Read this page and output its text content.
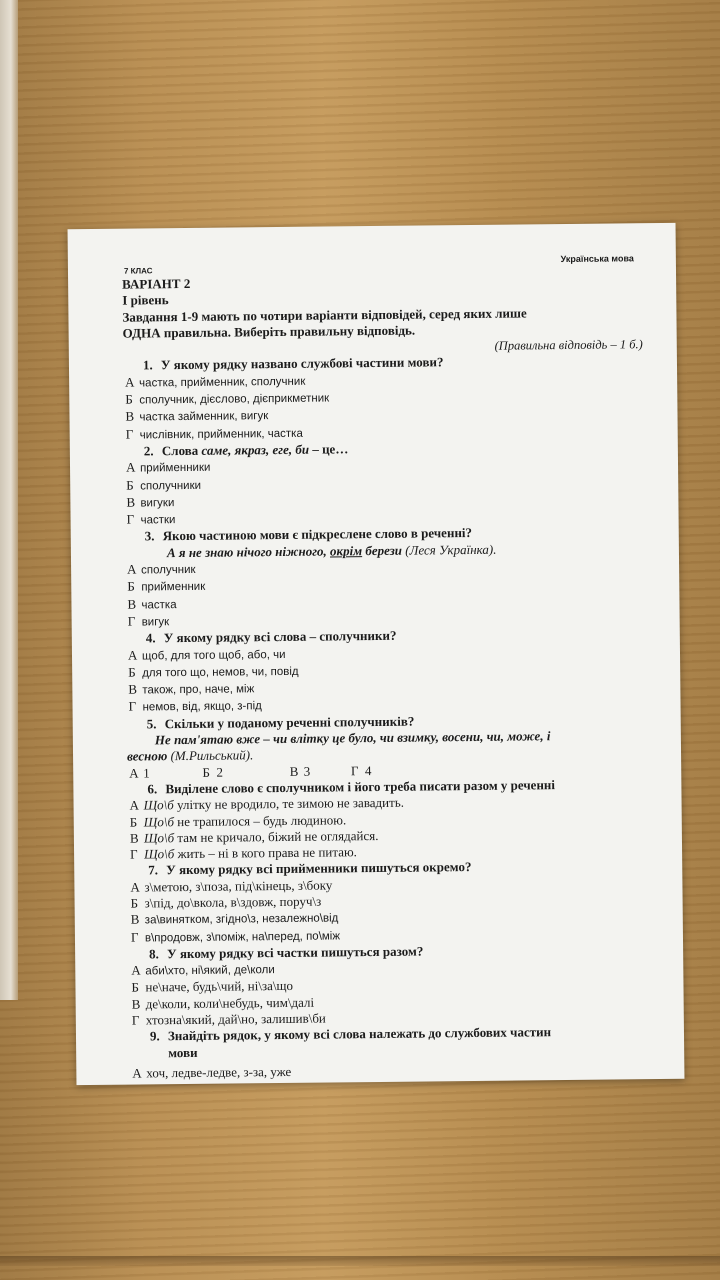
7 КЛАС
Українська мова
ВАРІАНТ 2
І рівень
Завдання 1-9 мають по чотири варіанти відповідей, серед яких лише
ОДНА правильна. Виберіть правильну відповідь.
(Правильна відповідь – 1 б.)
1. У якому рядку названо службові частини мови?
А частка, прийменник, сполучник
Б сполучник, дієслово, дієприкметник
В частка займенник, вигук
Г числівник, прийменник, частка
2. Слова саме, якраз, еге, би – це…
А прийменники
Б сполучники
В вигуки
Г частки
3. Якою частиною мови є підкреслене слово в реченні?
А я не знаю нічого ніжного, окрім берези (Леся Українка).
А сполучник
Б прийменник
В частка
Г вигук
4. У якому рядку всі слова – сполучники?
А щоб, для того щоб, або, чи
Б для того що, немов, чи, повід
В також, про, наче, між
Г немов, від, якщо, з-під
5. Скільки у поданому реченні сполучників?
Не пам'ятаю вже – чи влітку це було, чи взимку, восени, чи, може, і
весною (М.Рильський).
А 1	Б 2	В 3	Г 4
6. Виділене слово є сполучником і його треба писати разом у реченні
А Що\б улітку не вродило, те зимою не завадить.
Б Що\б не трапилося – будь людиною.
В Що\б там не кричало, біжий не оглядайся.
Г Що\б жить – ні в кого права не питаю.
7. У якому рядку всі прийменники пишуться окремо?
А з\метою, з\поза, під\кінець, з\боку
Б з\під, до\вкола, в\здовж, поруч\з
В за\винятком, згідно\з, незалежно\від
Г в\продовж, з\поміж, на\перед, по\між
8. У якому рядку всі частки пишуться разом?
А аби\хто, ні\який, де\коли
Б не\наче, будь\чий, ні\за\що
В де\коли, коли\небудь, чим\далі
Г хтозна\який, дай\но, залишив\би
9. Знайдіть рядок, у якому всі слова належать до службових частин
мови
А хоч, ледве-ледве, з-за, уже
